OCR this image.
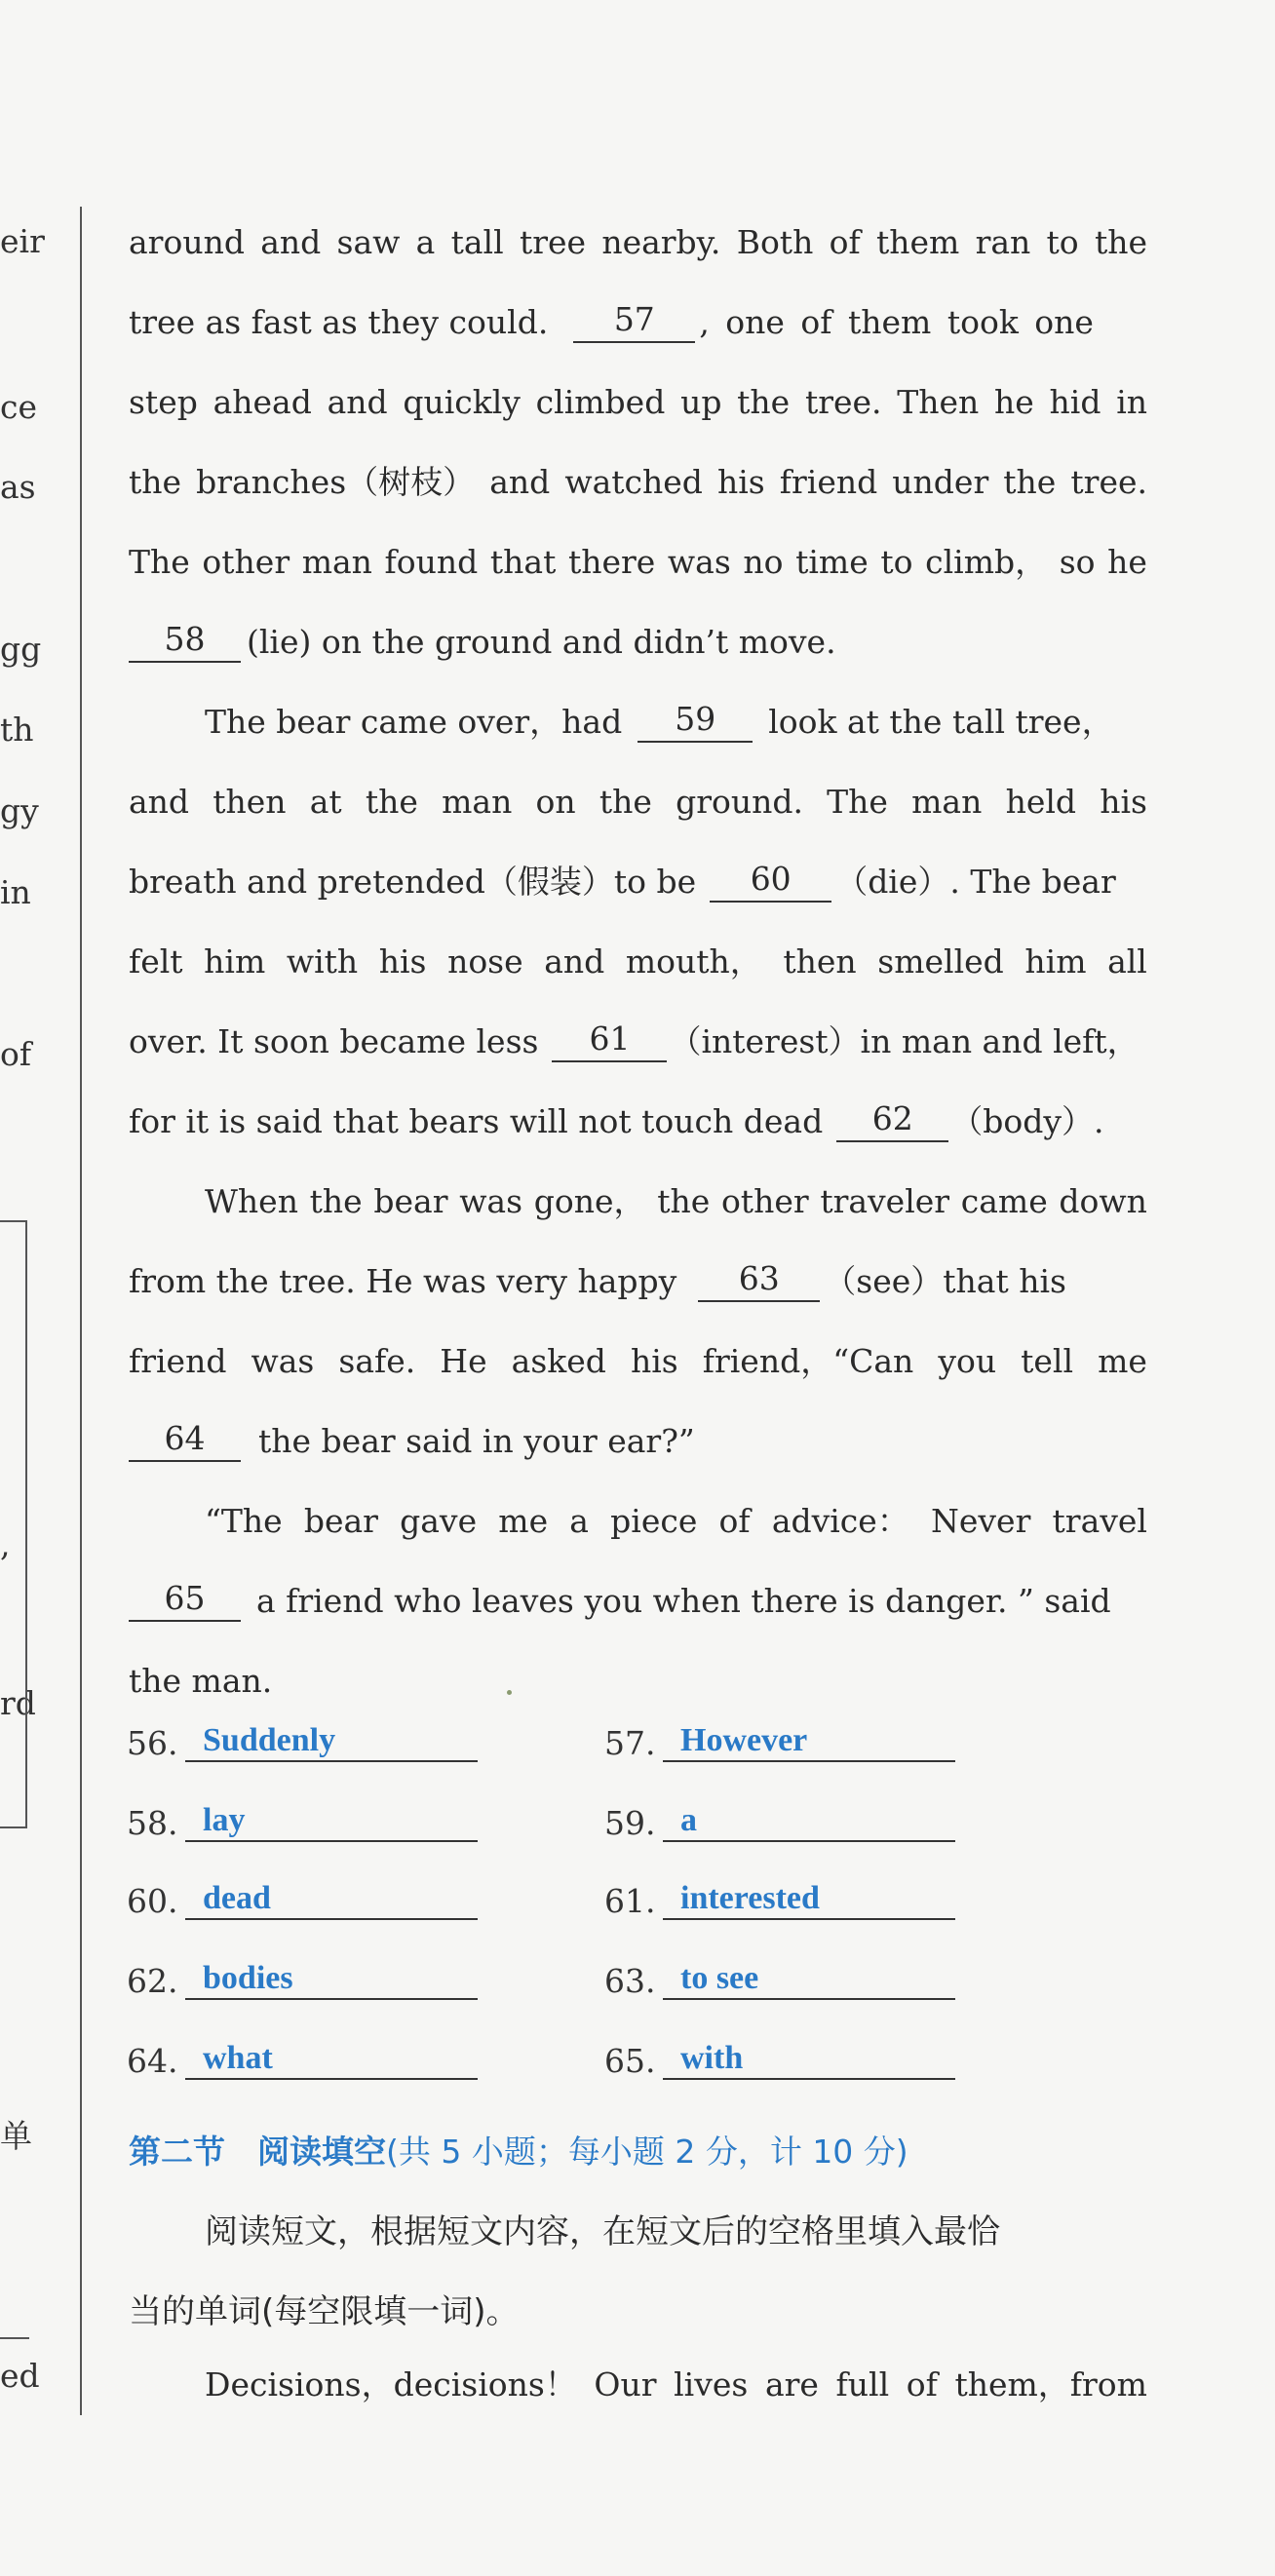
eir
ce
as
gg
th
gy
in
of
,
rd
单
ed
around and saw a tall tree nearby. Both of them ran to the
tree as fast as they could.	57	, one of them took one
step ahead and quickly climbed up the tree. Then he hid in
the branches（树枝） and watched his friend under the tree.
The other man found that there was no time to climb， so he
58	(lie) on the ground and didn’t move.
The bear came over，had	59	look at the tall tree，
and then at the man on the ground. The man held his
breath and pretended（假装）to be	60	（die）. The bear
felt him with his nose and mouth， then smelled him all
over. It soon became less	61	（interest）in man and left，
for it is said that bears will not touch dead	62	（body）.
When the bear was gone， the other traveler came down
from the tree. He was very happy	63	（see）that his
friend was safe. He asked his friend，“Can you tell me
64	the bear said in your ear?”
“The bear gave me a piece of advice： Never travel
65	a friend who leaves you when there is danger. ” said
the man.
56. Suddenly	57. However
58. lay	59. a
60. dead	61. interested
62. bodies	63. to see
64. what	65. with
第二节　阅读填空(共 5 小题；每小题 2 分，计 10 分)
阅读短文，根据短文内容，在短文后的空格里填入最恰
当的单词(每空限填一词)。
Decisions，decisions！ Our lives are full of them，from
